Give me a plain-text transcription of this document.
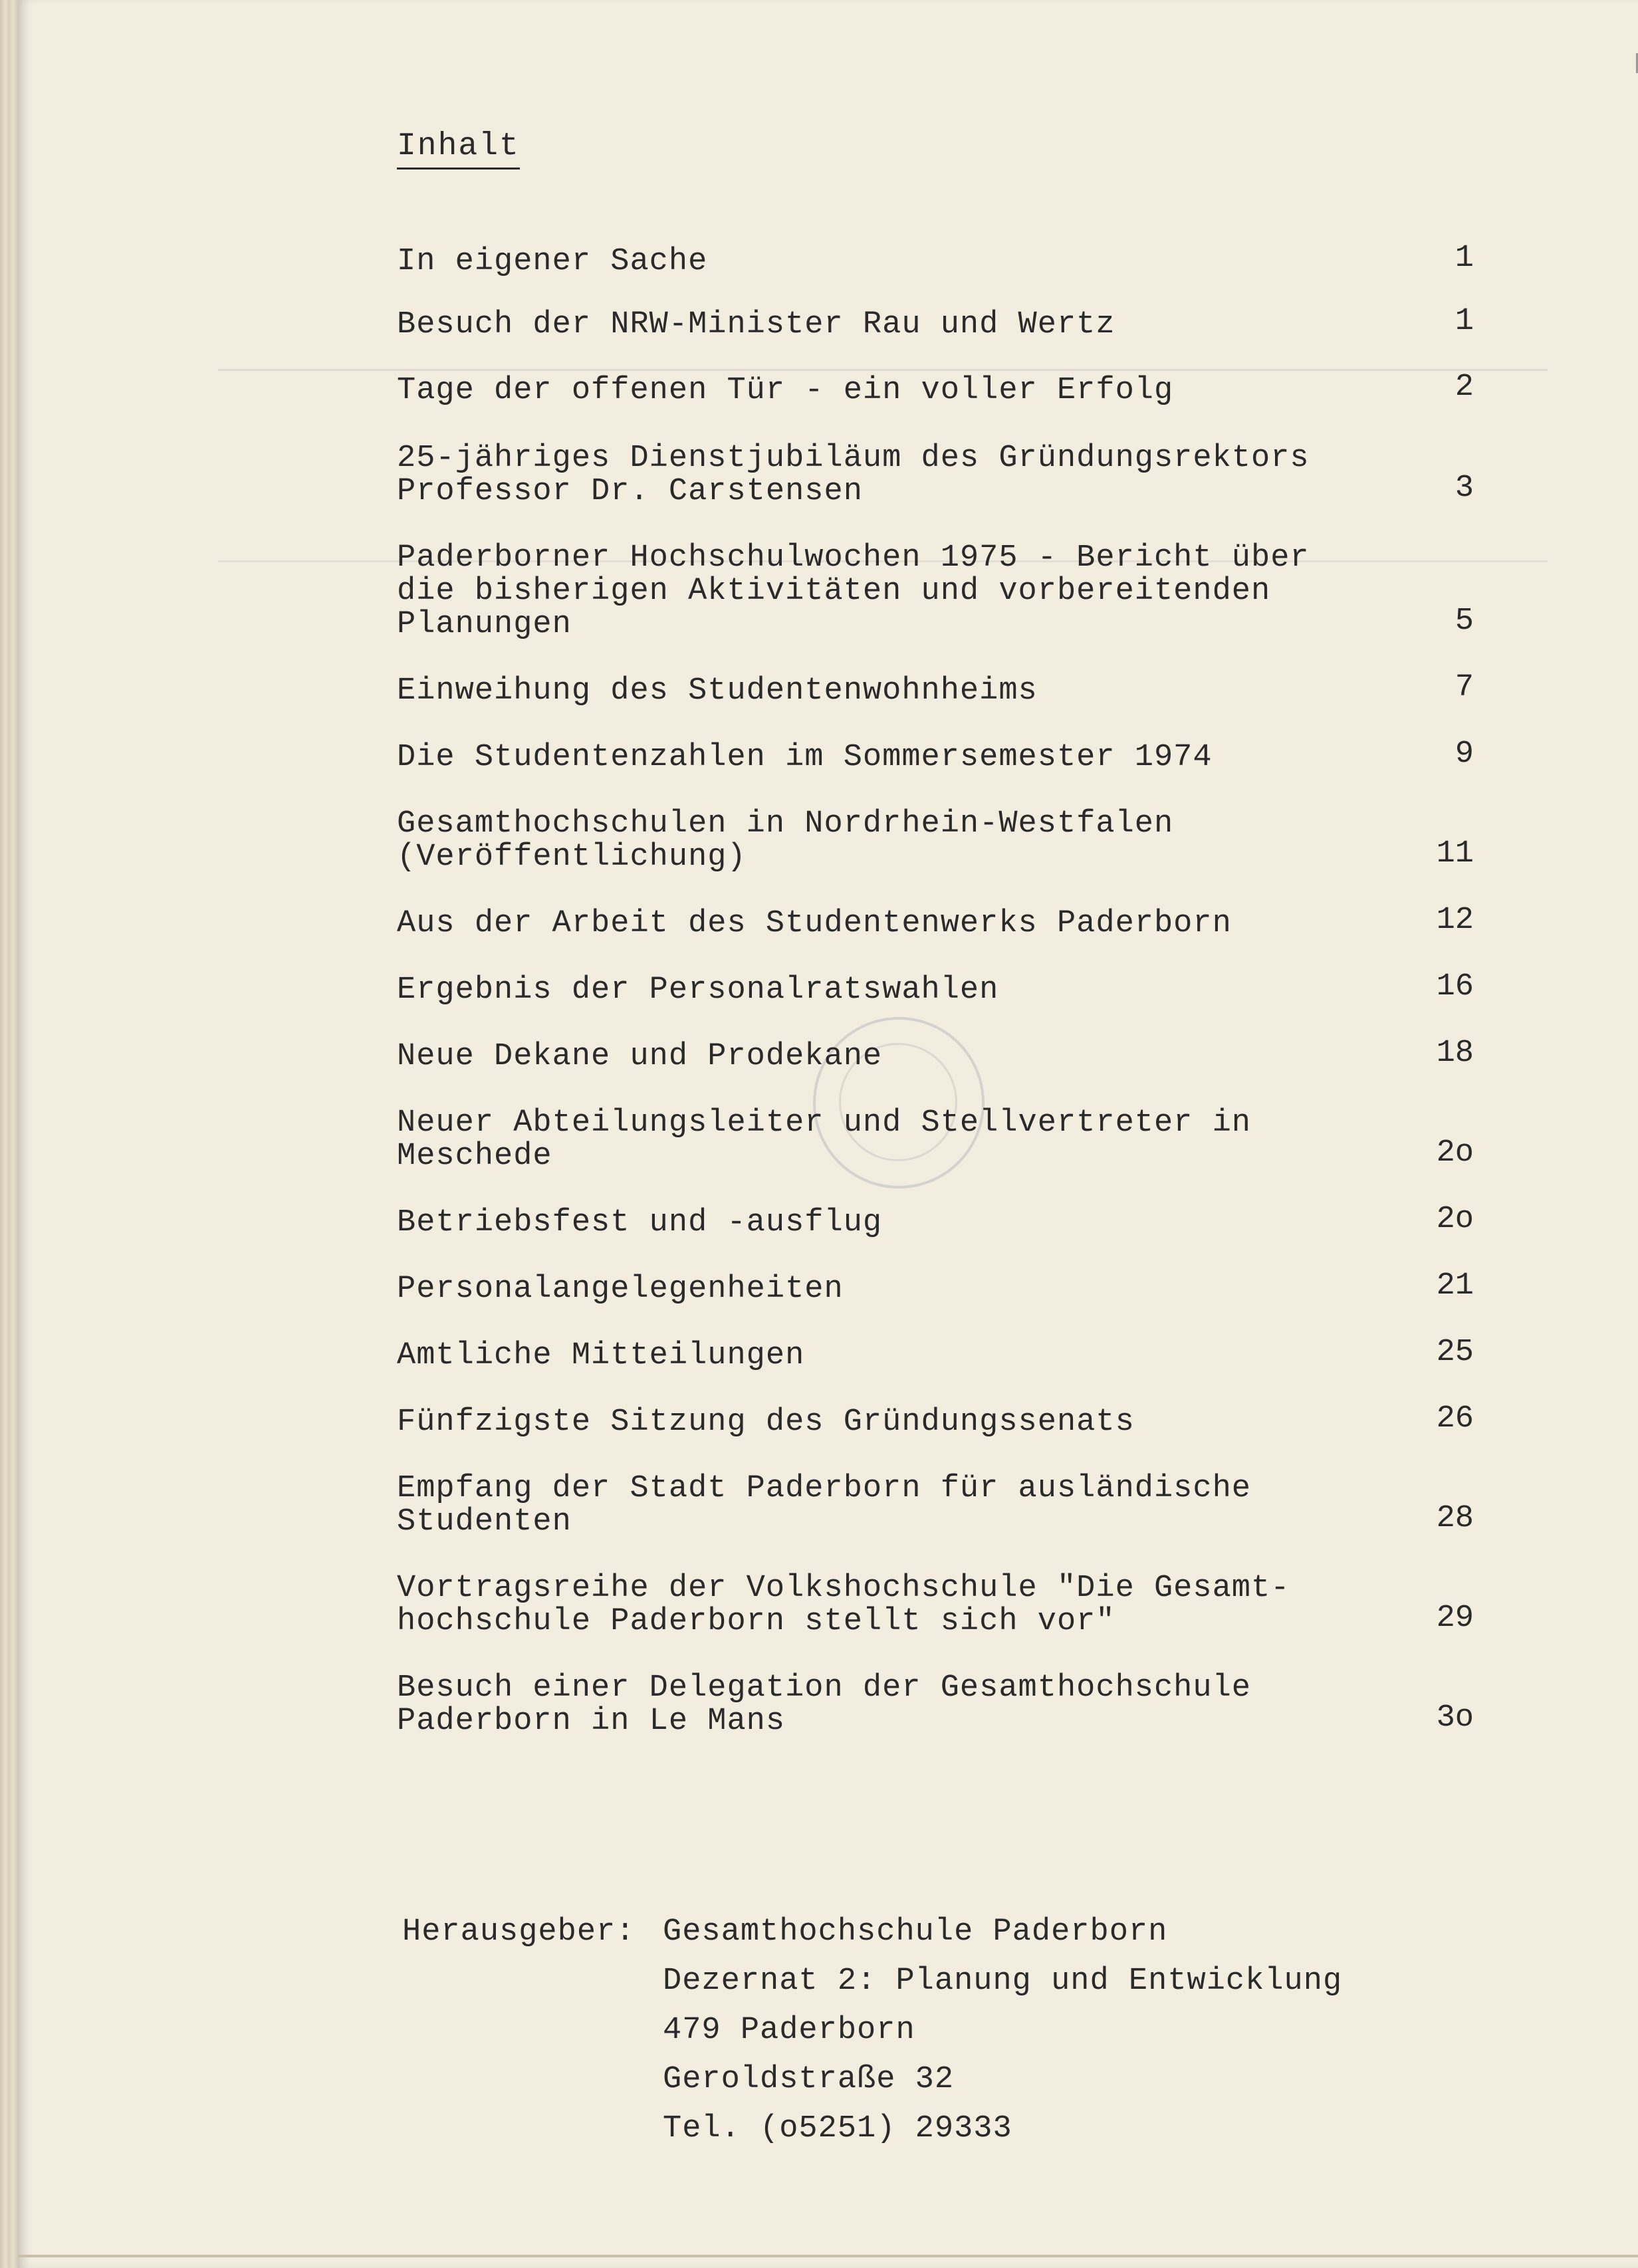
Inhalt
In eigener Sache	1
Besuch der NRW-Minister Rau und Wertz	1
Tage der offenen Tür - ein voller Erfolg	2
25-jähriges Dienstjubiläum des Gründungsrektors
Professor Dr. Carstensen	3
Paderborner Hochschulwochen 1975 - Bericht über
die bisherigen Aktivitäten und vorbereitenden
Planungen	5
Einweihung des Studentenwohnheims	7
Die Studentenzahlen im Sommersemester 1974	9
Gesamthochschulen in Nordrhein-Westfalen
(Veröffentlichung)	11
Aus der Arbeit des Studentenwerks Paderborn	12
Ergebnis der Personalratswahlen	16
Neue Dekane und Prodekane	18
Neuer Abteilungsleiter und Stellvertreter in
Meschede	2o
Betriebsfest und -ausflug	2o
Personalangelegenheiten	21
Amtliche Mitteilungen	25
Fünfzigste Sitzung des Gründungssenats	26
Empfang der Stadt Paderborn für ausländische
Studenten	28
Vortragsreihe der Volkshochschule "Die Gesamt-
hochschule Paderborn stellt sich vor"	29
Besuch einer Delegation der Gesamthochschule
Paderborn in Le Mans	3o
Herausgeber: Gesamthochschule Paderborn
Dezernat 2: Planung und Entwicklung
479 Paderborn
Geroldstraße 32
Tel. (o5251) 29333
